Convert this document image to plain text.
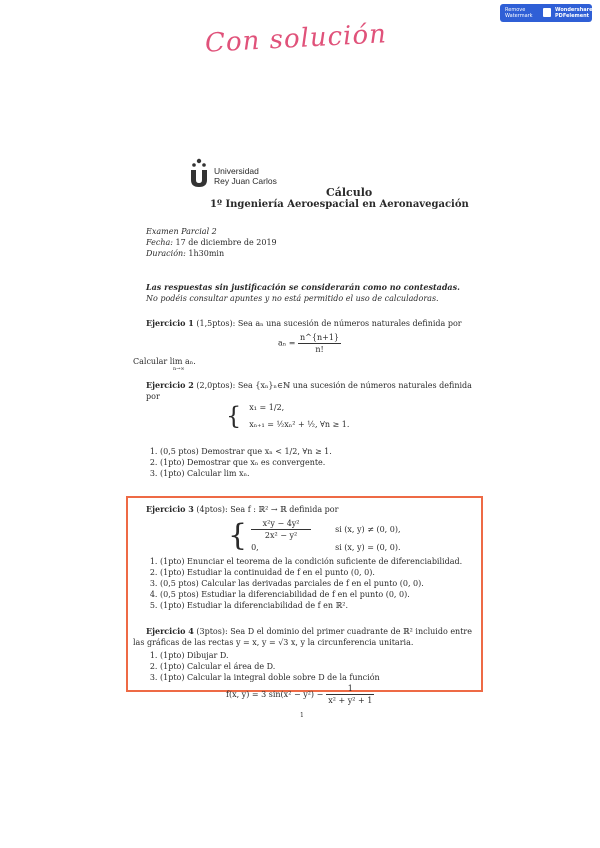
Remove
Watermark
Wondershare
PDFelement
Con solución
Universidad
Rey Juan Carlos
Cálculo
1º Ingeniería Aeroespacial en Aeronavegación
Examen Parcial 2
Fecha: 17 de diciembre de 2019
Duración: 1h30min
Las respuestas sin justificación se considerarán como no contestadas.
No podéis consultar apuntes y no está permitido el uso de calculadoras.
Ejercicio 1 (1,5ptos): Sea aₙ una sucesión de números naturales definida por
$a_n = \frac{n\^{}\{n+1\}}{n!}$
Calcular lim aₙ.
n→∞
Ejercicio 2 (2,0ptos): Sea {xₙ}ₙ∈ℕ una sucesión de números naturales definida por
{ x₁ = 1/2,
xₙ₊₁ = ½xₙ² + ½, ∀n ≥ 1.
1. (0,5 ptos) Demostrar que xₙ < 1/2, ∀n ≥ 1.
2. (1pto) Demostrar que xₙ es convergente.
3. (1pto) Calcular lim xₙ.
Ejercicio 3 (4ptos): Sea f : ℝ² → ℝ definida por
{ $\frac{\text{x²y − 4y²}}{\text{2x² − y²}}$	si (x, y) ≠ (0, 0),
0,	si (x, y) = (0, 0).
1. (1pto) Enunciar el teorema de la condición suficiente de diferenciabilidad.
2. (1pto) Estudiar la continuidad de f en el punto (0, 0).
3. (0,5 ptos) Calcular las derivadas parciales de f en el punto (0, 0).
4. (0,5 ptos) Estudiar la diferenciabilidad de f en el punto (0, 0).
5. (1pto) Estudiar la diferenciabilidad de f en ℝ².
Ejercicio 4 (3ptos): Sea D el dominio del primer cuadrante de ℝ² incluido entre
las gráficas de las rectas y = x, y = √3 x, y la circunferencia unitaria.
1. (1pto) Dibujar D.
2. (1pto) Calcular el área de D.
3. (1pto) Calcular la integral doble sobre D de la función
f(x, y) = 3 $\sin(x^2 - y^2) - \frac{1}{\text{x² + y² + 1}}$
1
